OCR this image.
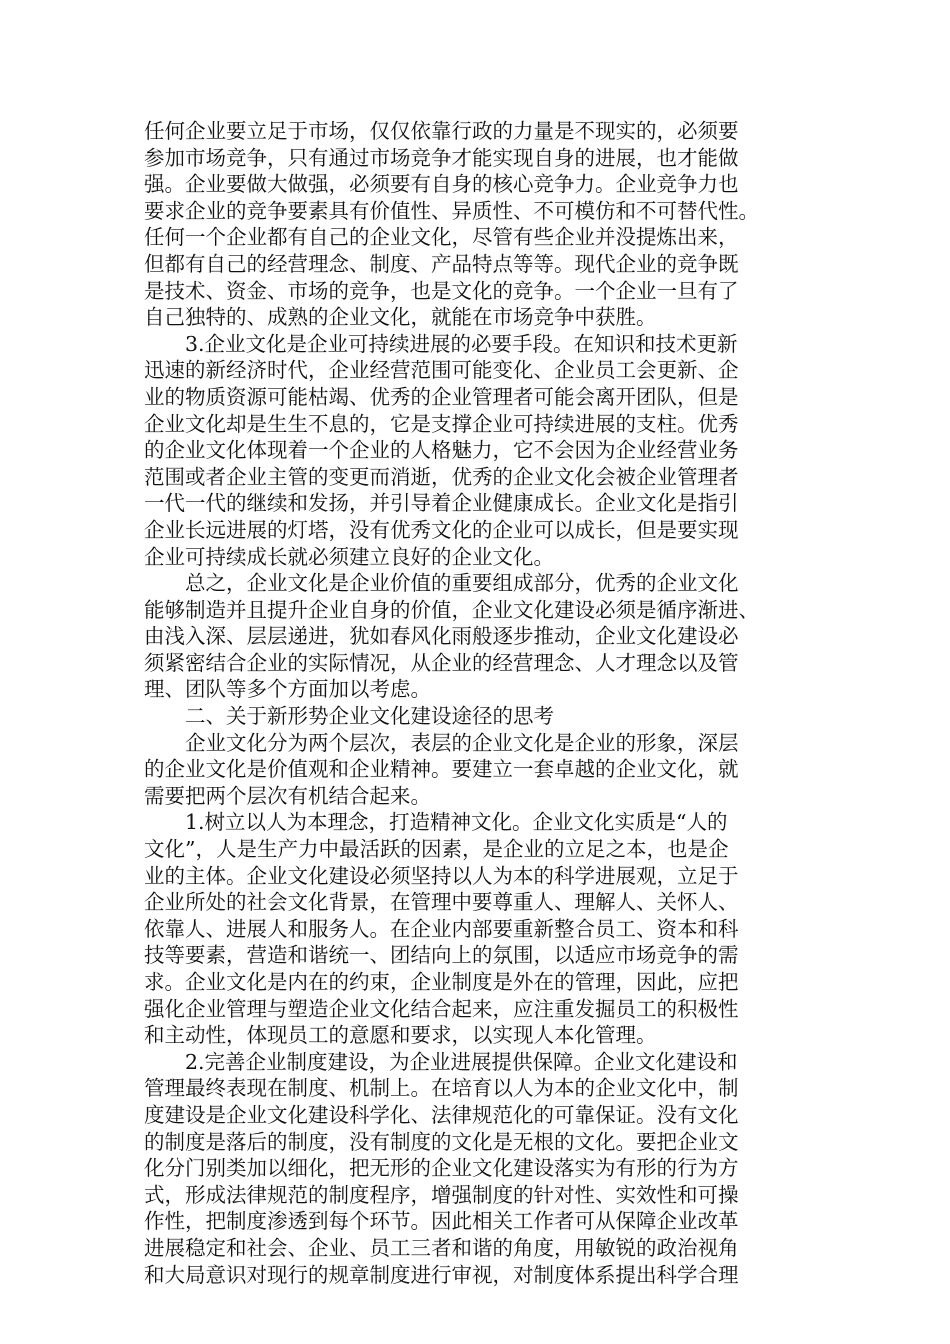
任何企业要立足于市场，仅仅依靠行政的力量是不现实的，必须要
参加市场竞争，只有通过市场竞争才能实现自身的进展，也才能做
强。企业要做大做强，必须要有自身的核心竞争力。企业竞争力也
要求企业的竞争要素具有价值性、异质性、不可模仿和不可替代性。
任何一个企业都有自己的企业文化，尽管有些企业并没提炼出来，
但都有自己的经营理念、制度、产品特点等等。现代企业的竞争既
是技术、资金、市场的竞争，也是文化的竞争。一个企业一旦有了
自己独特的、成熟的企业文化，就能在市场竞争中获胜。
　　3.企业文化是企业可持续进展的必要手段。在知识和技术更新
迅速的新经济时代，企业经营范围可能变化、企业员工会更新、企
业的物质资源可能枯竭、优秀的企业管理者可能会离开团队，但是
企业文化却是生生不息的，它是支撑企业可持续进展的支柱。优秀
的企业文化体现着一个企业的人格魅力，它不会因为企业经营业务
范围或者企业主管的变更而消逝，优秀的企业文化会被企业管理者
一代一代的继续和发扬，并引导着企业健康成长。企业文化是指引
企业长远进展的灯塔，没有优秀文化的企业可以成长，但是要实现
企业可持续成长就必须建立良好的企业文化。
　　总之，企业文化是企业价值的重要组成部分，优秀的企业文化
能够制造并且提升企业自身的价值，企业文化建设必须是循序渐进、
由浅入深、层层递进，犹如春风化雨般逐步推动，企业文化建设必
须紧密结合企业的实际情况，从企业的经营理念、人才理念以及管
理、团队等多个方面加以考虑。
　　二、关于新形势企业文化建设途径的思考
　　企业文化分为两个层次，表层的企业文化是企业的形象，深层
的企业文化是价值观和企业精神。要建立一套卓越的企业文化，就
需要把两个层次有机结合起来。
　　1.树立以人为本理念，打造精神文化。企业文化实质是“人的
文化”，人是生产力中最活跃的因素，是企业的立足之本，也是企
业的主体。企业文化建设必须坚持以人为本的科学进展观，立足于
企业所处的社会文化背景，在管理中要尊重人、理解人、关怀人、
依靠人、进展人和服务人。在企业内部要重新整合员工、资本和科
技等要素，营造和谐统一、团结向上的氛围，以适应市场竞争的需
求。企业文化是内在的约束，企业制度是外在的管理，因此，应把
强化企业管理与塑造企业文化结合起来，应注重发掘员工的积极性
和主动性，体现员工的意愿和要求，以实现人本化管理。
　　2.完善企业制度建设，为企业进展提供保障。企业文化建设和
管理最终表现在制度、机制上。在培育以人为本的企业文化中，制
度建设是企业文化建设科学化、法律规范化的可靠保证。没有文化
的制度是落后的制度，没有制度的文化是无根的文化。要把企业文
化分门别类加以细化，把无形的企业文化建设落实为有形的行为方
式，形成法律规范的制度程序，增强制度的针对性、实效性和可操
作性，把制度渗透到每个环节。因此相关工作者可从保障企业改革
进展稳定和社会、企业、员工三者和谐的角度，用敏锐的政治视角
和大局意识对现行的规章制度进行审视，对制度体系提出科学合理
